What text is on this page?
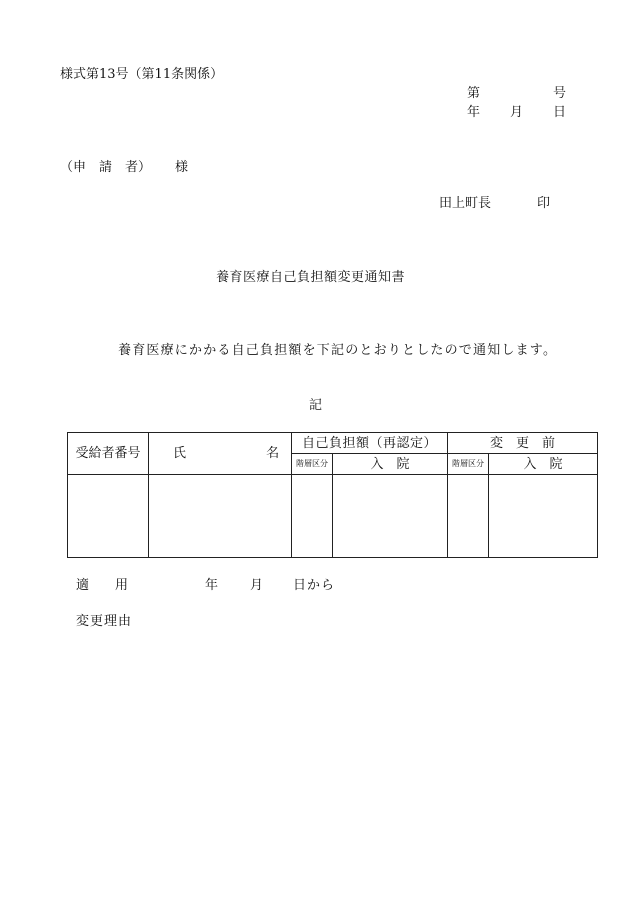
様式第13号（第11条関係）
第	号
年 月 日
（申　請　者） 様
田上町長	印
養育医療自己負担額変更通知書
養育医療にかかる自己負担額を下記のとおりとしたので通知します。
記
受給者番号	氏 名	自己負担額（再認定）		変　更　前	
		階層区分	入　院	階層区分	入　院

適　　用	年 月 日から
変更理由
